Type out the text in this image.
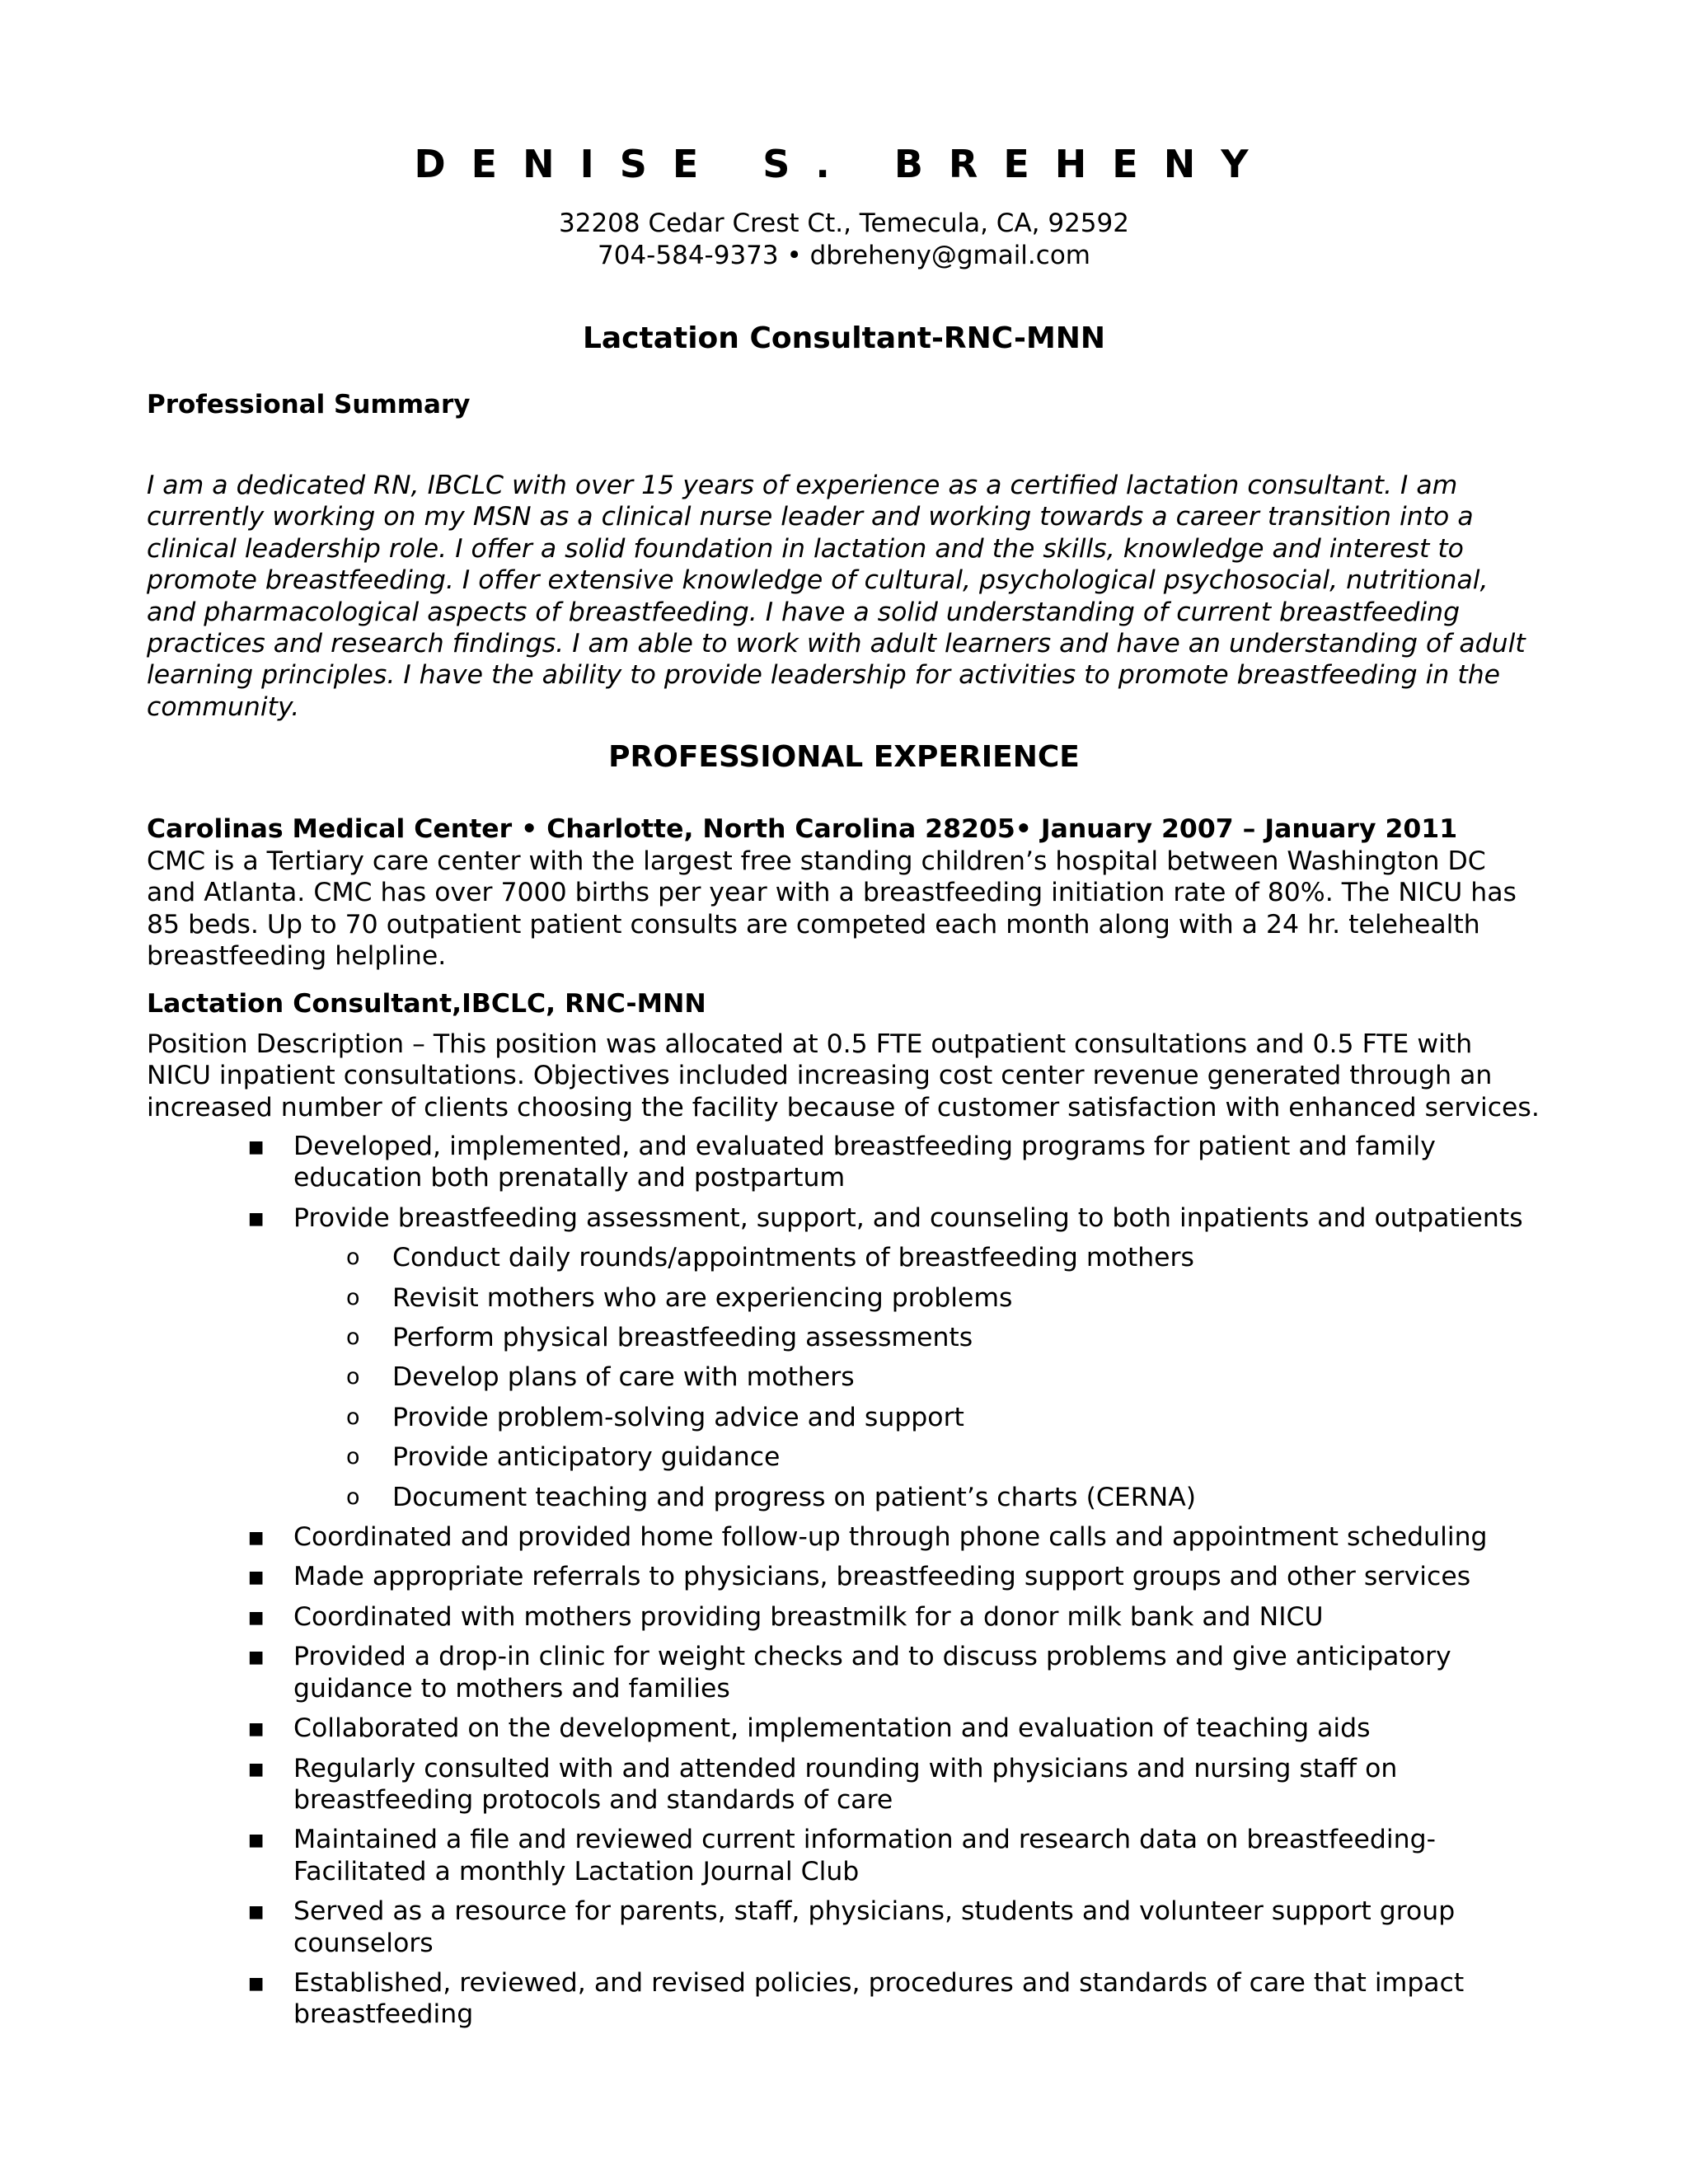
DENISE S. BREHENY
32208 Cedar Crest Ct., Temecula, CA, 92592
704-584-9373 • dbreheny@gmail.com
Lactation Consultant-RNC-MNN
Professional Summary
I am a dedicated RN, IBCLC with over 15 years of experience as a certified lactation consultant. I am currently working on my MSN as a clinical nurse leader and working towards a career transition into a clinical leadership role. I offer a solid foundation in lactation and the skills, knowledge and interest to promote breastfeeding. I offer extensive knowledge of cultural, psychological psychosocial, nutritional, and pharmacological aspects of breastfeeding. I have a solid understanding of current breastfeeding practices and research findings. I am able to work with adult learners and have an understanding of adult learning principles. I have the ability to provide leadership for activities to promote breastfeeding in the community.
PROFESSIONAL EXPERIENCE
Carolinas Medical Center • Charlotte, North Carolina 28205• January 2007 – January 2011
CMC is a Tertiary care center with the largest free standing children’s hospital between Washington DC and Atlanta. CMC has over 7000 births per year with a breastfeeding initiation rate of 80%. The NICU has 85 beds. Up to 70 outpatient patient consults are competed each month along with a 24 hr. telehealth breastfeeding helpline.
Lactation Consultant,IBCLC, RNC-MNN
Position Description – This position was allocated at 0.5 FTE outpatient consultations and 0.5 FTE with NICU inpatient consultations. Objectives included increasing cost center revenue generated through an increased number of clients choosing the facility because of customer satisfaction with enhanced services.
▪ Developed, implemented, and evaluated breastfeeding programs for patient and family education both prenatally and postpartum
▪ Provide breastfeeding assessment, support, and counseling to both inpatients and outpatients
o Conduct daily rounds/appointments of breastfeeding mothers
o Revisit mothers who are experiencing problems
o Perform physical breastfeeding assessments
o Develop plans of care with mothers
o Provide problem-solving advice and support
o Provide anticipatory guidance
o Document teaching and progress on patient’s charts (CERNA)
▪ Coordinated and provided home follow-up through phone calls and appointment scheduling
▪ Made appropriate referrals to physicians, breastfeeding support groups and other services
▪ Coordinated with mothers providing breastmilk for a donor milk bank and NICU
▪ Provided a drop-in clinic for weight checks and to discuss problems and give anticipatory guidance to mothers and families
▪ Collaborated on the development, implementation and evaluation of teaching aids
▪ Regularly consulted with and attended rounding with physicians and nursing staff on breastfeeding protocols and standards of care
▪ Maintained a file and reviewed current information and research data on breastfeeding- Facilitated a monthly Lactation Journal Club
▪ Served as a resource for parents, staff, physicians, students and volunteer support group counselors
▪ Established, reviewed, and revised policies, procedures and standards of care that impact breastfeeding
